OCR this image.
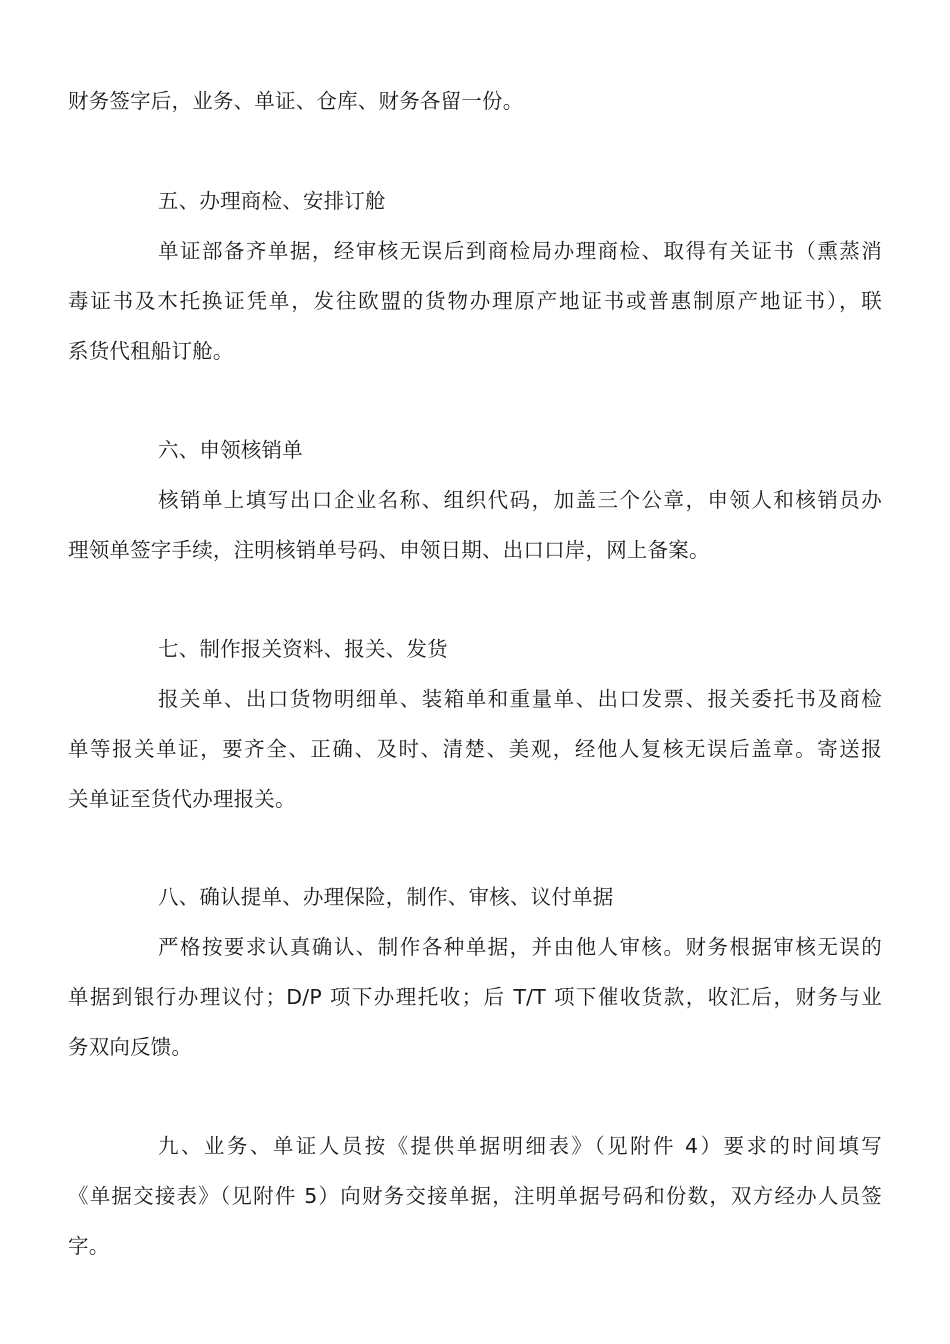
财务签字后，业务、单证、仓库、财务各留一份。
五、办理商检、安排订舱
单证部备齐单据，经审核无误后到商检局办理商检、取得有关证书（熏蒸消
毒证书及木托换证凭单，发往欧盟的货物办理原产地证书或普惠制原产地证书），联
系货代租船订舱。
六、申领核销单
核销单上填写出口企业名称、组织代码，加盖三个公章，申领人和核销员办
理领单签字手续，注明核销单号码、申领日期、出口口岸，网上备案。
七、制作报关资料、报关、发货
报关单、出口货物明细单、装箱单和重量单、出口发票、报关委托书及商检
单等报关单证，要齐全、正确、及时、清楚、美观，经他人复核无误后盖章。寄送报
关单证至货代办理报关。
八、确认提单、办理保险，制作、审核、议付单据
严格按要求认真确认、制作各种单据，并由他人审核。财务根据审核无误的
单据到银行办理议付；D/P 项下办理托收；后 T/T 项下催收货款，收汇后，财务与业
务双向反馈。
九、业务、单证人员按《提供单据明细表》（见附件 4）要求的时间填写
《单据交接表》（见附件 5）向财务交接单据，注明单据号码和份数，双方经办人员签
字。
